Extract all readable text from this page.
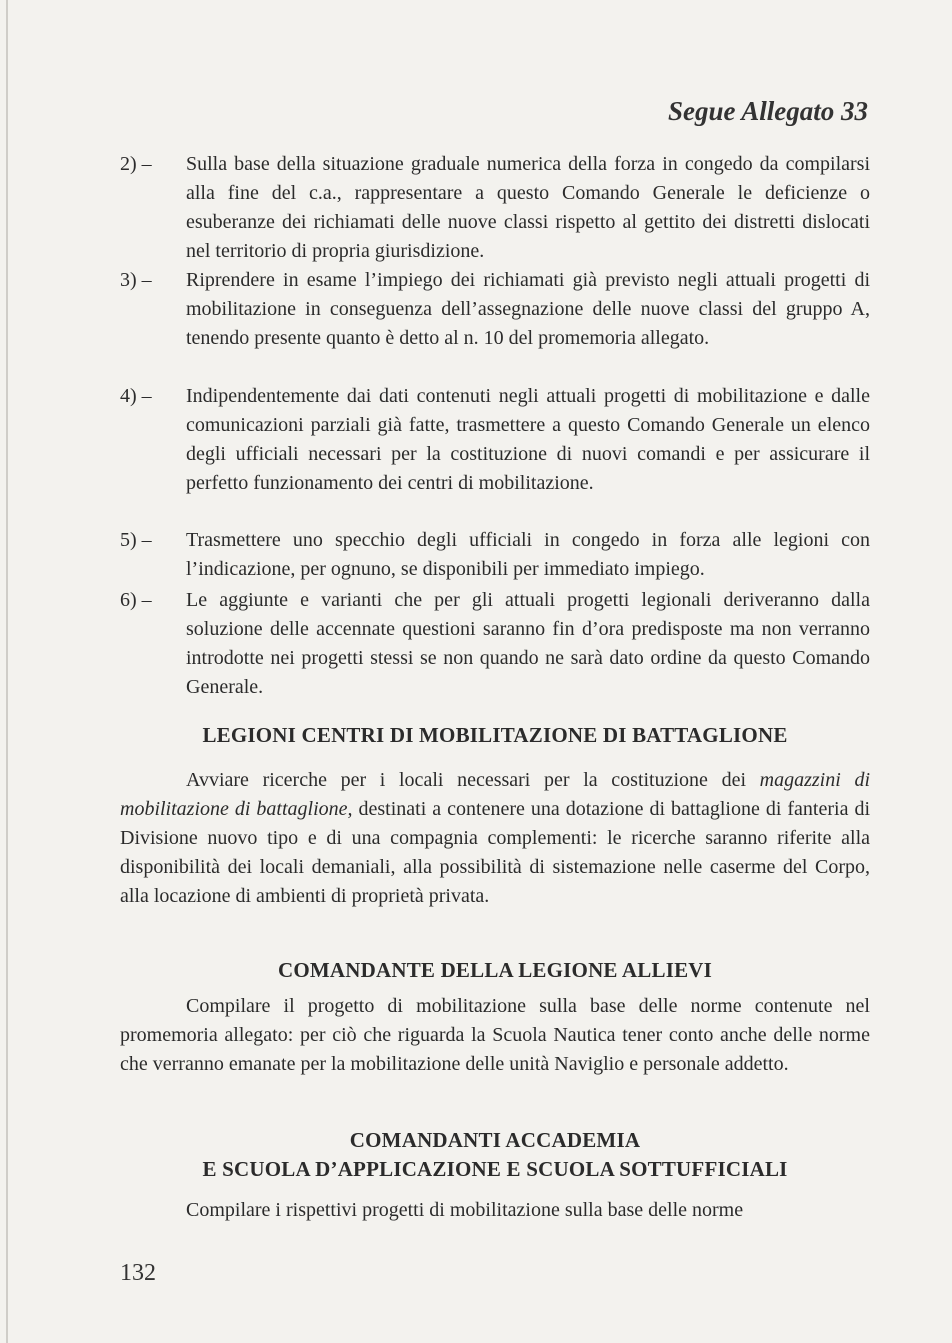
Segue Allegato 33
2) –	Sulla base della situazione graduale numerica della forza in congedo da compilarsi alla fine del c.a., rappresentare a questo Comando Generale le deficienze o esuberanze dei richiamati delle nuove classi rispetto al gettito dei distretti dislocati nel territorio di propria giurisdizione.
3) –	Riprendere in esame l’impiego dei richiamati già previsto negli attuali progetti di mobilitazione in conseguenza dell’assegnazione delle nuove classi del gruppo A, tenendo presente quanto è detto al n. 10 del promemoria allegato.
4) –	Indipendentemente dai dati contenuti negli attuali progetti di mobilitazione e dalle comunicazioni parziali già fatte, trasmettere a questo Comando Generale un elenco degli ufficiali necessari per la costituzione di nuovi comandi e per assicurare il perfetto funzionamento dei centri di mobilitazione.
5) –	Trasmettere uno specchio degli ufficiali in congedo in forza alle legioni con l’indicazione, per ognuno, se disponibili per immediato impiego.
6) –	Le aggiunte e varianti che per gli attuali progetti legionali deriveranno dalla soluzione delle accennate questioni saranno fin d’ora predisposte ma non verranno introdotte nei progetti stessi se non quando ne sarà dato ordine da questo Comando Generale.
LEGIONI CENTRI DI MOBILITAZIONE DI BATTAGLIONE
Avviare ricerche per i locali necessari per la costituzione dei magazzini di mobilitazione di battaglione, destinati a contenere una dotazione di battaglione di fanteria di Divisione nuovo tipo e di una compagnia complementi: le ricerche saranno riferite alla disponibilità dei locali demaniali, alla possibilità di sistemazione nelle caserme del Corpo, alla locazione di ambienti di proprietà privata.
COMANDANTE DELLA LEGIONE ALLIEVI
Compilare il progetto di mobilitazione sulla base delle norme contenute nel promemoria allegato: per ciò che riguarda la Scuola Nautica tener conto anche delle norme che verranno emanate per la mobilitazione delle unità Naviglio e personale addetto.
COMANDANTI ACCADEMIA
E SCUOLA D’APPLICAZIONE E SCUOLA SOTTUFFICIALI
Compilare i rispettivi progetti di mobilitazione sulla base delle norme
132
